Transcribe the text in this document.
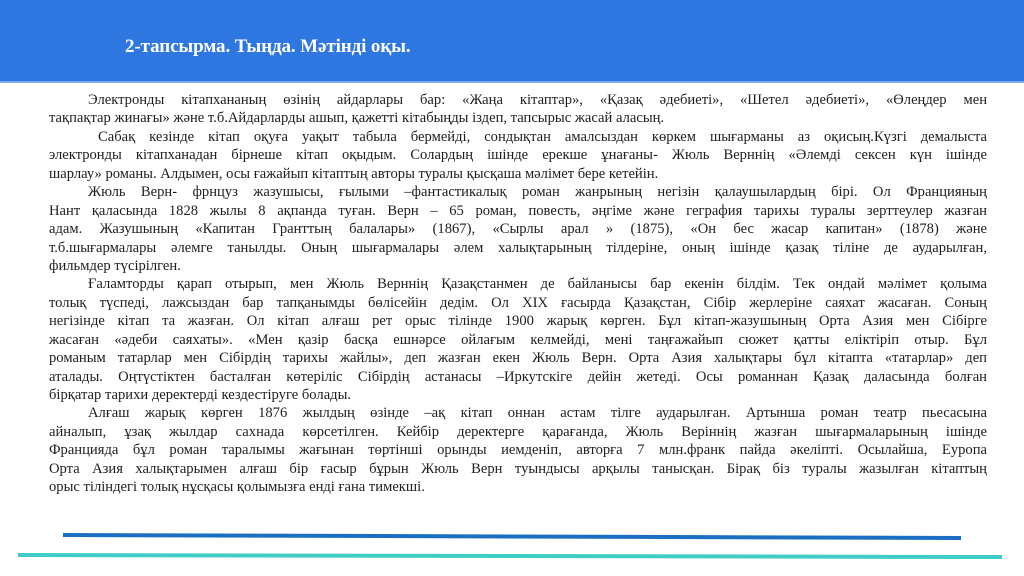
2-тапсырма. Тыңда. Мәтінді оқы.
Электронды кітапхананың өзінің айдарлары бар: «Жаңа кітаптар», «Қазақ әдебиеті», «Шетел әдебиеті», «Өлеңдер мен
тақпақтар жинағы» және т.б.Айдарларды ашып, қажетті кітабыңды іздеп, тапсырыс жасай аласың.
Сабақ кезінде кітап оқуға уақыт табыла бермейді, сондықтан амалсыздан көркем шығарманы аз оқисың.Күзгі демалыста
электронды кітапханадан бірнеше кітап оқыдым. Солардың ішінде ерекше ұнағаны- Жюль Верннің «Әлемді сексен күн ішінде
шарлау» романы. Алдымен, осы ғажайып кітаптың авторы туралы қысқаша мәлімет бере кетейін.
Жюль Верн- фрнцуз жазушысы, ғылыми –фантастикалық роман жанрының негізін қалаушылардың бірі. Ол Францияның
Нант қаласында 1828 жылы 8 ақпанда туған. Верн – 65 роман, повесть, әңгіме және гeграфия тарихы туралы зерттеулер жазған
адам. Жазушының «Капитан Гранттың балалары» (1867), «Сырлы арал » (1875), «Он бес жасар капитан» (1878) және
т.б.шығармалары әлемге танылды. Оның шығармалары әлем халықтарының тілдеріне, оның ішінде қазақ тіліне де аударылған,
фильмдер түсірілген.
Ғаламторды қарап отырып, мен Жюль Верннің Қазақстанмен де байланысы бар екенін білдім. Тек ондай мәлімет қолыма
толық түспеді, лажсыздан бар тапқанымды бөлісейін дедім. Ол XIX ғасырда Қазақстан, Сібір жерлеріне саяхат жасаған. Соның
негізінде кітап та жазған. Ол кітап алғаш рет орыс тілінде 1900 жарық көрген. Бұл кітап-жазушының Орта Азия мен Сібірге
жасаған «әдеби саяхаты». «Мен қазір басқа ешнәрсе ойлағым келмейді, мені таңғажайып сюжет қатты еліктіріп отыр. Бұл
романым татарлар мен Сібірдің тарихы жайлы», деп жазған екен Жюль Верн. Орта Азия халықтары бұл кітапта «татарлар» деп
аталады. Оңтүстіктен басталған көтеріліс Сібірдің астанасы –Иркутскіге дейін жетеді. Осы романнан Қазақ даласында болған
бірқатар тарихи деректерді кездестіруге болады.
Алғаш жарық көрген 1876 жылдың өзінде –ақ кітап оннан астам тілге аударылған. Артынша роман театр пьесасына
айналып, ұзақ жылдар сахнада көрсетілген. Кейбір деректерге қарағанда, Жюль Верiннiң жазған шығармаларының ішінде
Францияда бұл роман таралымы жағынан төртінші орынды иемденіп, авторға 7 млн.франк пайда әкеліпті. Осылайша, Еуропа
Орта Азия халықтарымен алғаш бір ғасыр бұрын Жюль Верн туындысы арқылы танысқан. Бірақ біз туралы жазылған кітаптың
орыс тіліндегі толық нұсқасы қолымызға енді ғана тимекші.
